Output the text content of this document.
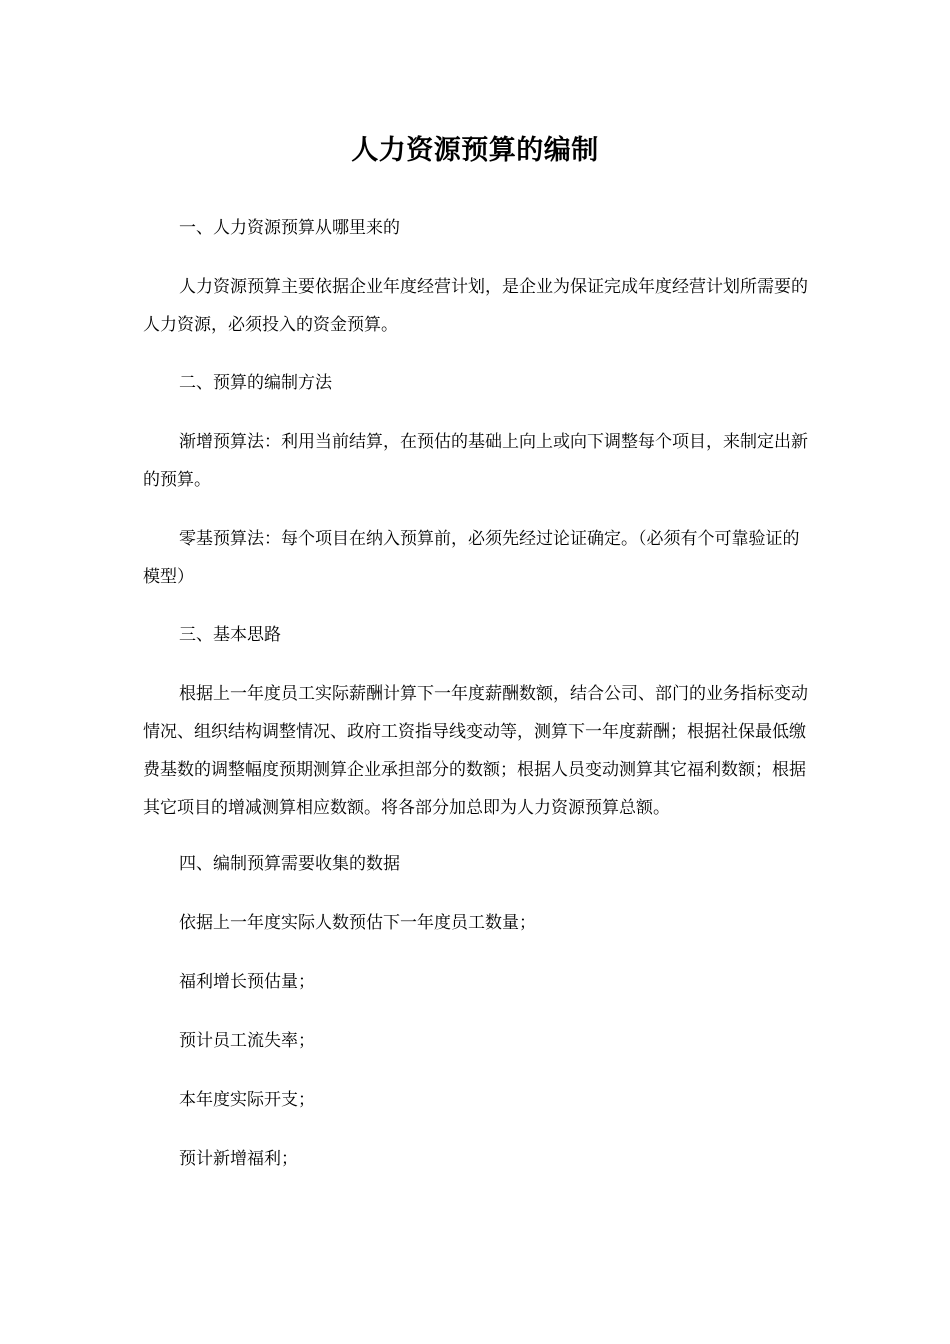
人力资源预算的编制

一、人力资源预算从哪里来的

人力资源预算主要依据企业年度经营计划，是企业为保证完成年度经营计划所需要的人力资源，必须投入的资金预算。

二、预算的编制方法

渐增预算法：利用当前结算，在预估的基础上向上或向下调整每个项目，来制定出新的预算。

零基预算法：每个项目在纳入预算前，必须先经过论证确定。（必须有个可靠验证的模型）

三、基本思路

根据上一年度员工实际薪酬计算下一年度薪酬数额，结合公司、部门的业务指标变动情况、组织结构调整情况、政府工资指导线变动等，测算下一年度薪酬；根据社保最低缴费基数的调整幅度预期测算企业承担部分的数额；根据人员变动测算其它福利数额；根据其它项目的增减测算相应数额。将各部分加总即为人力资源预算总额。

四、编制预算需要收集的数据

依据上一年度实际人数预估下一年度员工数量；

福利增长预估量；

预计员工流失率；

本年度实际开支；

预计新增福利；
